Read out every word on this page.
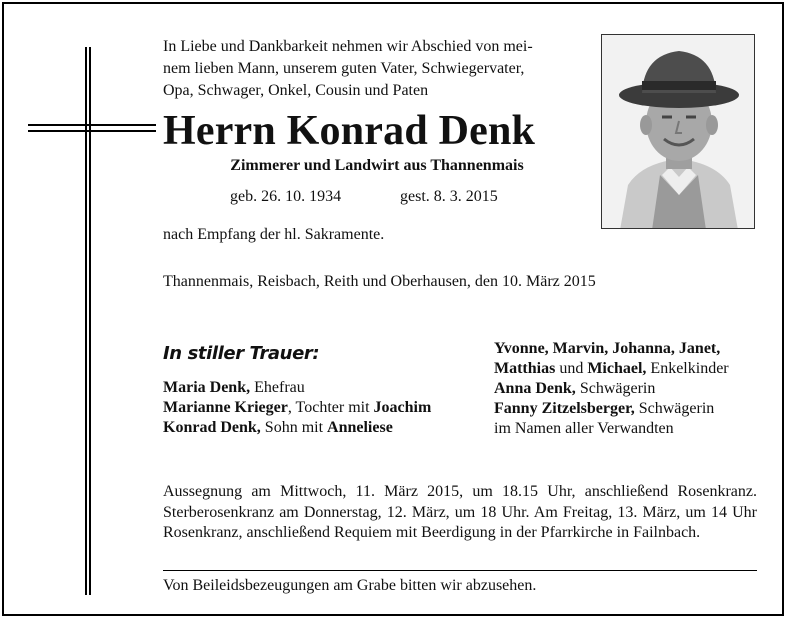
In Liebe und Dankbarkeit nehmen wir Abschied von mei-
nem lieben Mann, unserem guten Vater, Schwiegervater,
Opa, Schwager, Onkel, Cousin und Paten

Herrn Konrad Denk

Zimmerer und Landwirt aus Thannenmais

geb. 26. 10. 1934	gest. 8. 3. 2015

nach Empfang der hl. Sakramente.

Thannenmais, Reisbach, Reith und Oberhausen, den 10. März 2015

In stiller Trauer:
Maria Denk, Ehefrau
Marianne Krieger, Tochter mit Joachim
Konrad Denk, Sohn mit Anneliese
Yvonne, Marvin, Johanna, Janet,
Matthias und Michael, Enkelkinder
Anna Denk, Schwägerin
Fanny Zitzelsberger, Schwägerin
im Namen aller Verwandten

Aussegnung am Mittwoch, 11. März 2015, um 18.15 Uhr, anschließend Rosenkranz. Sterberosenkranz am Donnerstag, 12. März, um 18 Uhr. Am Freitag, 13. März, um 14 Uhr Rosenkranz, anschließend Requiem mit Beerdigung in der Pfarrkirche in Failnbach.

Von Beileidsbezeugungen am Grabe bitten wir abzusehen.
